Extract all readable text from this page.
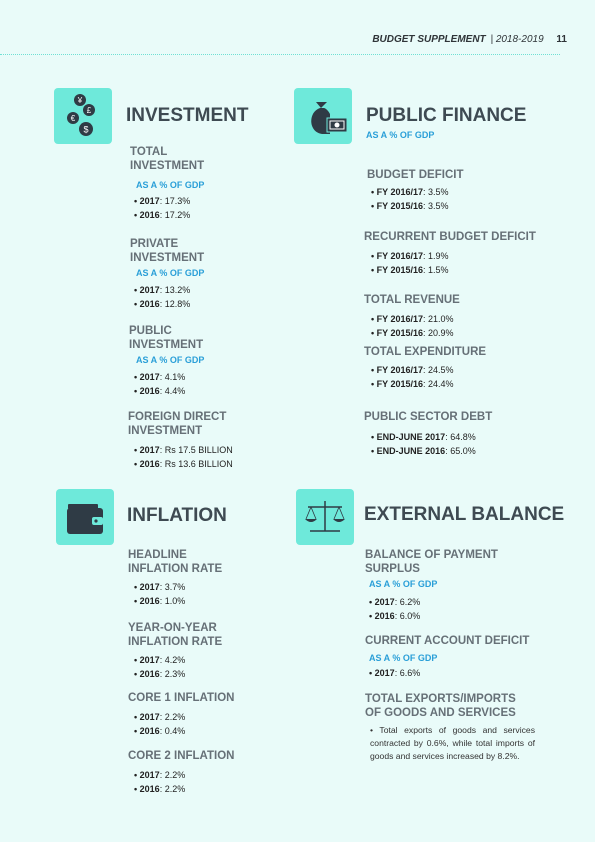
BUDGET SUPPLEMENT | 2018-2019 11
¥
£
€
$
INVESTMENT
TOTAL
INVESTMENT
AS A % OF GDP
• 2017: 17.3%
• 2016: 17.2%
PRIVATE
INVESTMENT
AS A % OF GDP
• 2017: 13.2%
• 2016: 12.8%
PUBLIC
INVESTMENT
AS A % OF GDP
• 2017: 4.1%
• 2016: 4.4%
FOREIGN DIRECT
INVESTMENT
• 2017: Rs 17.5 BILLION
• 2016: Rs 13.6 BILLION
PUBLIC FINANCE
AS A % OF GDP
BUDGET DEFICIT
• FY 2016/17: 3.5%
• FY 2015/16: 3.5%
RECURRENT BUDGET DEFICIT
• FY 2016/17: 1.9%
• FY 2015/16: 1.5%
TOTAL REVENUE
• FY 2016/17: 21.0%
• FY 2015/16: 20.9%
TOTAL EXPENDITURE
• FY 2016/17: 24.5%
• FY 2015/16: 24.4%
PUBLIC SECTOR DEBT
• END-JUNE 2017: 64.8%
• END-JUNE 2016: 65.0%
INFLATION
HEADLINE
INFLATION RATE
• 2017: 3.7%
• 2016: 1.0%
YEAR-ON-YEAR
INFLATION RATE
• 2017: 4.2%
• 2016: 2.3%
CORE 1 INFLATION
• 2017: 2.2%
• 2016: 0.4%
CORE 2 INFLATION
• 2017: 2.2%
• 2016: 2.2%
EXTERNAL BALANCE
BALANCE OF PAYMENT
SURPLUS
AS A % OF GDP
• 2017: 6.2%
• 2016: 6.0%
CURRENT ACCOUNT DEFICIT
AS A % OF GDP
• 2017: 6.6%
TOTAL EXPORTS/IMPORTS
OF GOODS AND SERVICES
• Total exports of goods and services contracted by 0.6%, while total imports of goods and services increased by 8.2%.
